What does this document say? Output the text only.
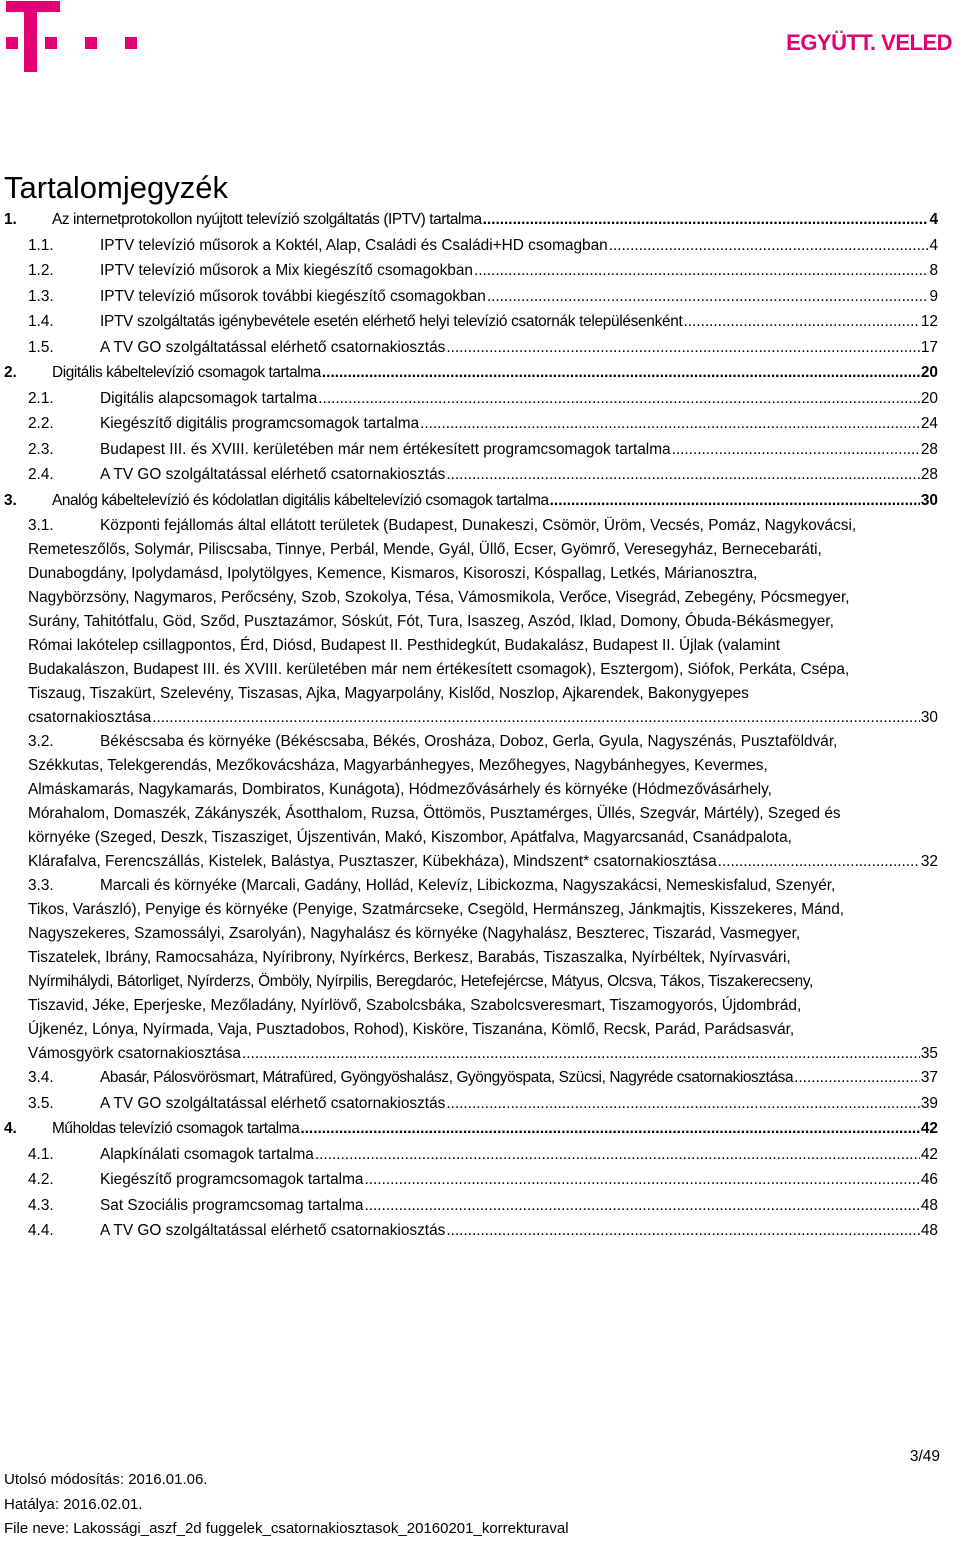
EGYÜTT. VELED
Tartalomjegyzék
1.	Az internetprotokollon nyújtott televízió szolgáltatás (IPTV) tartalma .....	4
1.1.	IPTV televízió műsorok a Koktél, Alap, Családi és Családi+HD csomagban .....	4
1.2.	IPTV televízió műsorok a Mix kiegészítő csomagokban .....	8
1.3.	IPTV televízió műsorok további kiegészítő csomagokban .....	9
1.4.	IPTV szolgáltatás igénybevétele esetén elérhető helyi televízió csatornák településenként .....	12
1.5.	A TV GO szolgáltatással elérhető csatornakiosztás .....	17
2.	Digitális kábeltelevízió csomagok tartalma .....	20
2.1.	Digitális alapcsomagok tartalma .....	20
2.2.	Kiegészítő digitális programcsomagok tartalma .....	24
2.3.	Budapest III. és XVIII. kerületében már nem értékesített programcsomagok tartalma .....	28
2.4.	A TV GO szolgáltatással elérhető csatornakiosztás .....	28
3.	Analóg kábeltelevízió és kódolatlan digitális kábeltelevízió csomagok tartalma .....	30
3.1.	Központi fejállomás által ellátott területek (Budapest, Dunakeszi, Csömör, Üröm, Vecsés, Pomáz, Nagykovácsi,
Remeteszőlős, Solymár, Piliscsaba, Tinnye, Perbál, Mende, Gyál, Üllő, Ecser, Gyömrő, Veresegyház, Bernecebaráti,
Dunabogdány, Ipolydamásd, Ipolytölgyes, Kemence, Kismaros, Kisoroszi, Kóspallag, Letkés, Márianosztra,
Nagybörzsöny, Nagymaros, Perőcsény, Szob, Szokolya, Tésa, Vámosmikola, Verőce, Visegrád, Zebegény, Pócsmegyer,
Surány, Tahitótfalu, Göd, Sződ, Pusztazámor, Sóskút, Fót, Tura, Isaszeg, Aszód, Iklad, Domony, Óbuda-Békásmegyer,
Római lakótelep csillagpontos, Érd, Diósd, Budapest II. Pesthidegkút, Budakalász, Budapest II. Újlak (valamint
Budakalászon, Budapest III. és XVIII. kerületében már nem értékesített csomagok), Esztergom), Siófok, Perkáta, Csépa,
Tiszaug, Tiszakürt, Szelevény, Tiszasas, Ajka, Magyarpolány, Kislőd, Noszlop, Ajkarendek, Bakonygyepes
csatornakiosztása .....	30
3.2.	Békéscsaba és környéke (Békéscsaba, Békés, Orosháza, Doboz, Gerla, Gyula, Nagyszénás, Pusztaföldvár,
Székkutas, Telekgerendás, Mezőkovácsháza, Magyarbánhegyes, Mezőhegyes, Nagybánhegyes, Kevermes,
Almáskamarás, Nagykamarás, Dombiratos, Kunágota), Hódmezővásárhely és környéke (Hódmezővásárhely,
Mórahalom, Domaszék, Zákányszék, Ásotthalom, Ruzsa, Öttömös, Pusztamérges, Üllés, Szegvár, Mártély), Szeged és
környéke (Szeged, Deszk, Tiszasziget, Újszentiván, Makó, Kiszombor, Apátfalva, Magyarcsanád, Csanádpalota,
Klárafalva, Ferencszállás, Kistelek, Balástya, Pusztaszer, Kübekháza), Mindszent* csatornakiosztása .....	32
3.3.	Marcali és környéke (Marcali, Gadány, Hollád, Kelevíz, Libickozma, Nagyszakácsi, Nemeskisfalud, Szenyér,
Tikos, Varászló), Penyige és környéke (Penyige, Szatmárcseke, Csegöld, Hermánszeg, Jánkmajtis, Kisszekeres, Mánd,
Nagyszekeres, Szamossályi, Zsarolyán), Nagyhalász és környéke (Nagyhalász, Beszterec, Tiszarád, Vasmegyer,
Tiszatelek, Ibrány, Ramocsaháza, Nyíribrony, Nyírkércs, Berkesz, Barabás, Tiszaszalka, Nyírbéltek, Nyírvasvári,
Nyírmihálydi, Bátorliget, Nyírderzs, Ömböly, Nyírpilis, Beregdaróc, Hetefejércse, Mátyus, Olcsva, Tákos, Tiszakerecseny,
Tiszavid, Jéke, Eperjeske, Mezőladány, Nyírlövő, Szabolcsbáka, Szabolcsveresmart, Tiszamogyorós, Újdombrád,
Újkenéz, Lónya, Nyírmada, Vaja, Pusztadobos, Rohod), Kisköre, Tiszanána, Kömlő, Recsk, Parád, Parádsasvár,
Vámosgyörk csatornakiosztása .....	35
3.4.	Abasár, Pálosvörösmart, Mátrafüred, Gyöngyöshalász, Gyöngyöspata, Szücsi, Nagyréde csatornakiosztása .....	37
3.5.	A TV GO szolgáltatással elérhető csatornakiosztás .....	39
4.	Műholdas televízió csomagok tartalma .....	42
4.1.	Alapkínálati csomagok tartalma .....	42
4.2.	Kiegészítő programcsomagok tartalma .....	46
4.3.	Sat Szociális programcsomag tartalma .....	48
4.4.	A TV GO szolgáltatással elérhető csatornakiosztás .....	48
3/49
Utolsó módosítás: 2016.01.06.
Hatálya: 2016.02.01.
File neve: Lakossági_aszf_2d fuggelek_csatornakiosztasok_20160201_korrekturaval
